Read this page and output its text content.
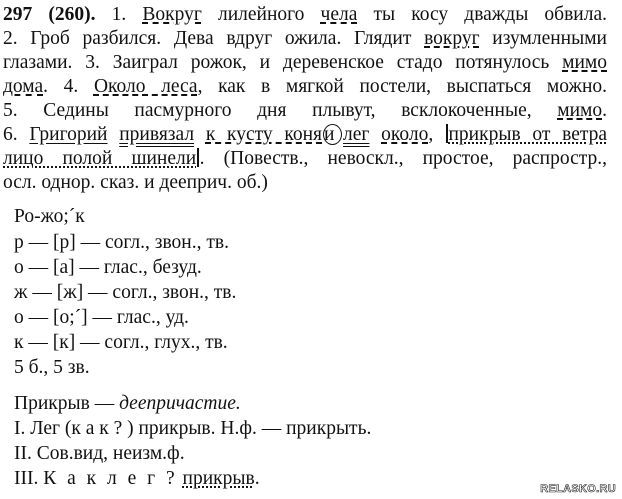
297 (260). 1. Вокруг лилейного чела ты косу дважды обвила.
2. Гроб разбился. Дева вдруг ожила. Глядит вокруг изумленными
глазами. 3. Заиграл рожок, и деревенское стадо потянулось мимо
дома. 4. Около леса, как в мягкой постели, выспаться можно.
5. Седины пасмурного дня плывут, всклокоченные, мимо.
6. Григорий привязал к кусту коня и лег около, прикрыв от ветра
лицо полой шинели . (Повеств., невоскл., простое, распростр.,
осл. однор. сказ. и дееприч. об.)
Ро-жо;´к
р — [р] — согл., звон., тв.
о — [а] — глас., безуд.
ж — [ж] — согл., звон., тв.
о — [о;´] — глас., уд.
к — [к] — согл., глух., тв.
5 б., 5 зв.
Прикрыв — деепричастие.
I. Лег (к а к ? ) прикрыв. Н.ф. — прикрыть.
II. Сов.вид, неизм.ф.
III. К а к л е г ? прикрыв.	RELASKO.RU
